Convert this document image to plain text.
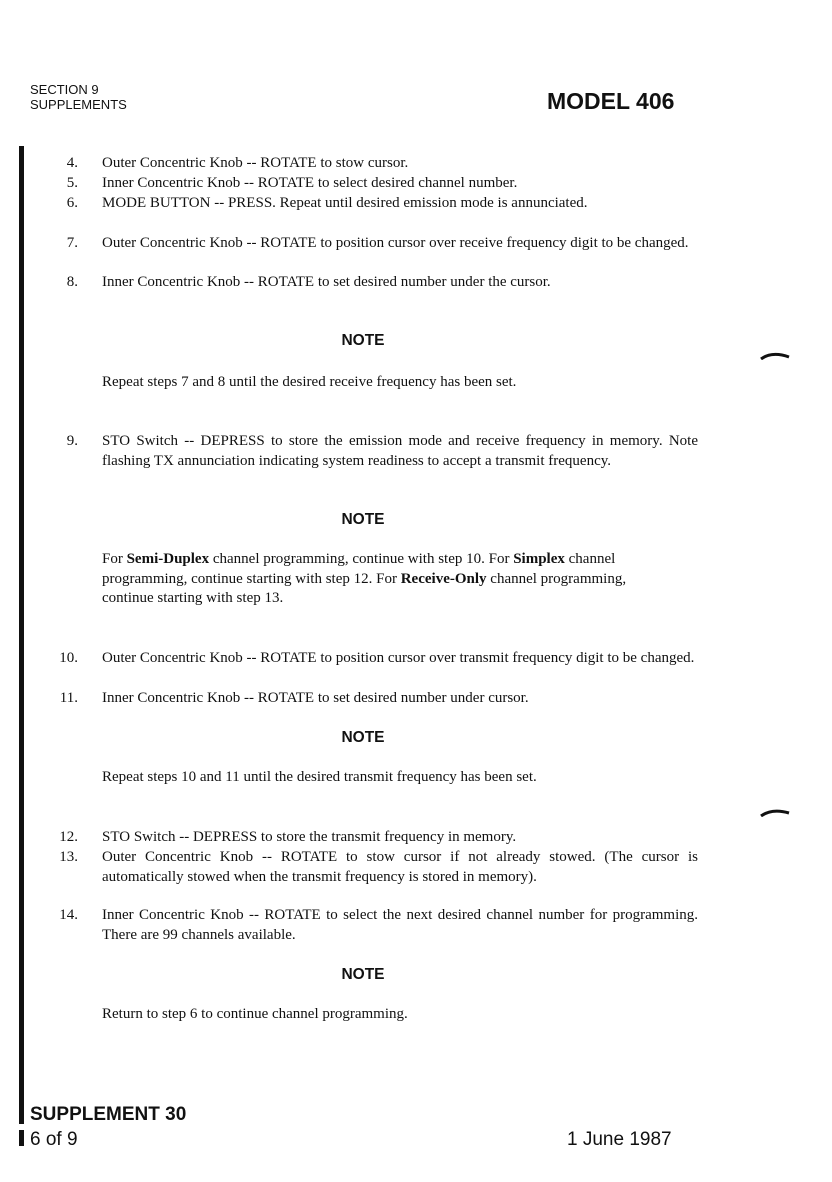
SECTION 9
SUPPLEMENTS	MODEL 406
4. Outer Concentric Knob -- ROTATE to stow cursor.
5. Inner Concentric Knob -- ROTATE to select desired channel number.
6. MODE BUTTON -- PRESS. Repeat until desired emission mode is annunciated.
7. Outer Concentric Knob -- ROTATE to position cursor over receive frequency digit to be changed.
8. Inner Concentric Knob -- ROTATE to set desired number under the cursor.
NOTE
Repeat steps 7 and 8 until the desired receive frequency has been set.
9. STO Switch -- DEPRESS to store the emission mode and receive frequency in memory. Note flashing TX annunciation indicating system readiness to accept a transmit frequency.
NOTE
For Semi-Duplex channel programming, continue with step 10. For Simplex channel programming, continue starting with step 12. For Receive-Only channel programming, continue starting with step 13.
10. Outer Concentric Knob -- ROTATE to position cursor over transmit frequency digit to be changed.
11. Inner Concentric Knob -- ROTATE to set desired number under cursor.
NOTE
Repeat steps 10 and 11 until the desired transmit frequency has been set.
12. STO Switch -- DEPRESS to store the transmit frequency in memory.
13. Outer Concentric Knob -- ROTATE to stow cursor if not already stowed. (The cursor is automatically stowed when the transmit frequency is stored in memory).
14. Inner Concentric Knob -- ROTATE to select the next desired channel number for programming. There are 99 channels available.
NOTE
Return to step 6 to continue channel programming.
SUPPLEMENT 30
6 of 9	1 June 1987
